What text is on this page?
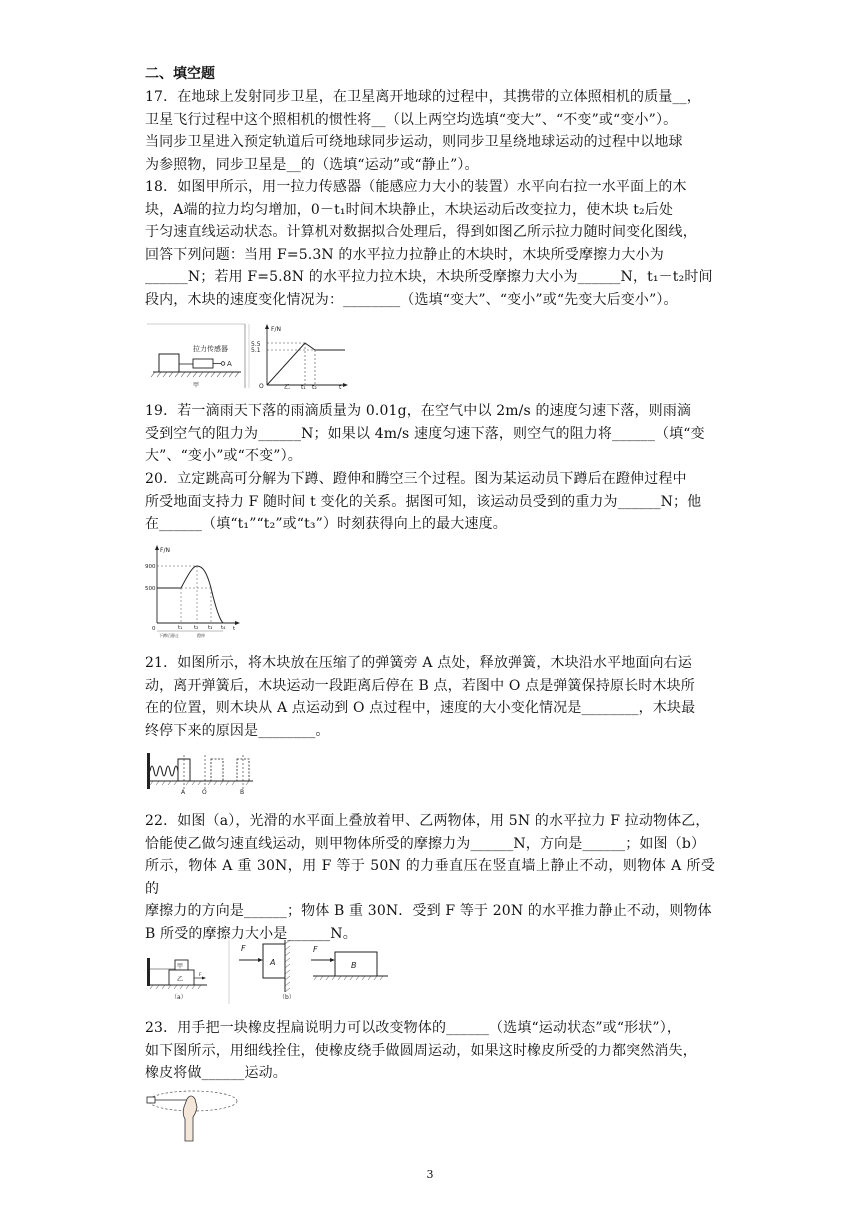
二、填空题

17．在地球上发射同步卫星，在卫星离开地球的过程中，其携带的立体照相机的质量__，

卫星飞行过程中这个照相机的惯性将__（以上两空均选填“变大”、“不变”或“变小”）。

当同步卫星进入预定轨道后可绕地球同步运动，则同步卫星绕地球运动的过程中以地球

为参照物，同步卫星是__的（选填“运动”或“静止”）。

18．如图甲所示，用一拉力传感器（能感应力大小的装置）水平向右拉一水平面上的木

块，A端的拉力均匀增加，0－t₁时间木块静止，木块运动后改变拉力，使木块 t₂后处

于匀速直线运动状态。计算机对数据拟合处理后，得到如图乙所示拉力随时间变化图线，

回答下列问题：当用 F=5.3N 的水平拉力拉静止的木块时，木块所受摩擦力大小为

______N；若用 F=5.8N 的水平拉力拉木块，木块所受摩擦力大小为______N，t₁－t₂时间

段内，木块的速度变化情况为：________（选填“变大”、“变小”或“先变大后变小”）。

A
拉力传感器
甲
F/N
5.5
5.1
O	乙 t₁ t₂	t

19．若一滴雨天下落的雨滴质量为 0.01g，在空气中以 2m/s 的速度匀速下落，则雨滴

受到空气的阻力为______N；如果以 4m/s 速度匀速下落，则空气的阻力将______（填“变

大”、“变小”或“不变”）。

20．立定跳高可分解为下蹲、蹬伸和腾空三个过程。图为某运动员下蹲后在蹬伸过程中

所受地面支持力 F 随时间 t 变化的关系。据图可知，该运动员受到的重力为______N；他

在______（填“t₁”“t₂”或“t₃”）时刻获得向上的最大速度。

F/N
900
500
0	t₁ t₂ t₃ t₄ t
下蹲后静止	蹬伸

21．如图所示，将木块放在压缩了的弹簧旁 A 点处，释放弹簧，木块沿水平地面向右运

动，离开弹簧后，木块运动一段距离后停在 B 点，若图中 O 点是弹簧保持原长时木块所

在的位置，则木块从 A 点运动到 O 点过程中，速度的大小变化情况是________，木块最

终停下来的原因是________。

A	O	B

22．如图（a），光滑的水平面上叠放着甲、乙两物体，用 5N 的水平拉力 F 拉动物体乙，

恰能使乙做匀速直线运动，则甲物体所受的摩擦力为______N，方向是______；如图（b）

所示，物体 A 重 30N，用 F 等于 50N 的力垂直压在竖直墙上静止不动，则物体 A 所受的

摩擦力的方向是______；物体 B 重 30N．受到 F 等于 20N 的水平推力静止不动，则物体

B 所受的摩擦力大小是______N。

甲
乙
F
（a）
F
A
F
B
（b）

23．用手把一块橡皮捏扁说明力可以改变物体的______（选填“运动状态”或“形状”），

如下图所示，用细线拴住，使橡皮绕手做圆周运动，如果这时橡皮所受的力都突然消失，

橡皮将做______运动。

3
